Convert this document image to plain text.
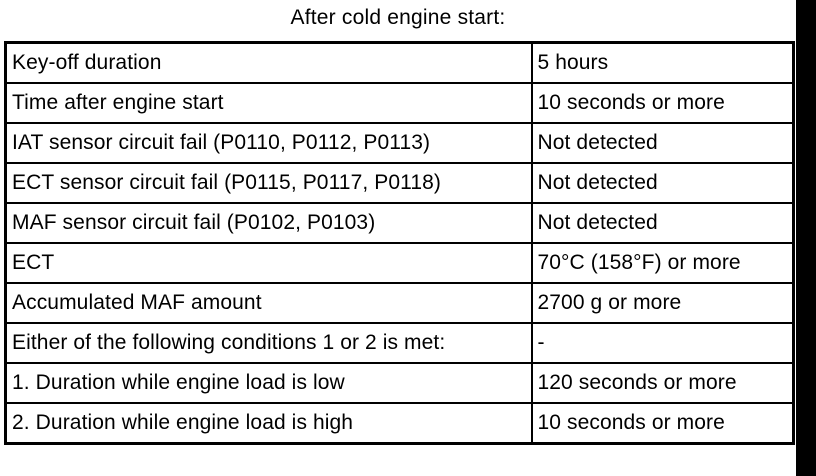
After cold engine start:
Key-off duration	5 hours
Time after engine start	10 seconds or more
IAT sensor circuit fail (P0110, P0112, P0113)	Not detected
ECT sensor circuit fail (P0115, P0117, P0118)	Not detected
MAF sensor circuit fail (P0102, P0103)	Not detected
ECT	70°C (158°F) or more
Accumulated MAF amount	2700 g or more
Either of the following conditions 1 or 2 is met:	-
1. Duration while engine load is low	120 seconds or more
2. Duration while engine load is high	10 seconds or more
